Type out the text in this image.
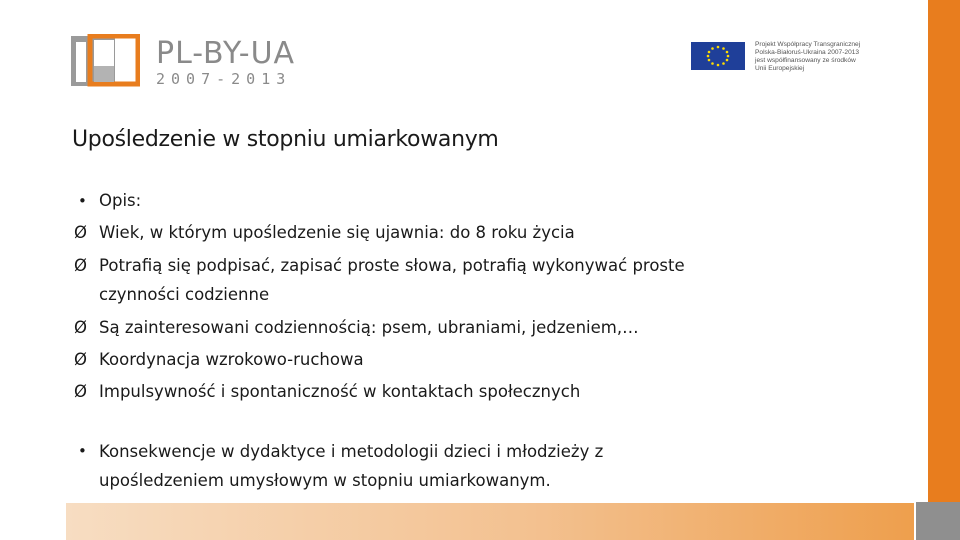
PL-BY-UA
2007-2013
Projekt Współpracy Transgranicznej
Polska-Białoruś-Ukraina 2007-2013
jest współfinansowany ze środków
Unii Europejskiej
Upośledzenie w stopniu umiarkowanym
• Opis:
Ø Wiek, w którym upośledzenie się ujawnia: do 8 roku życia
Ø Potrafią się podpisać, zapisać proste słowa, potrafią wykonywać proste czynności codzienne
Ø Są zainteresowani codziennością: psem, ubraniami, jedzeniem,…
Ø Koordynacja wzrokowo-ruchowa
Ø Impulsywność i spontaniczność w kontaktach społecznych
• Konsekwencje w dydaktyce i metodologii dzieci i młodzieży z upośledzeniem umysłowym w stopniu umiarkowanym.
